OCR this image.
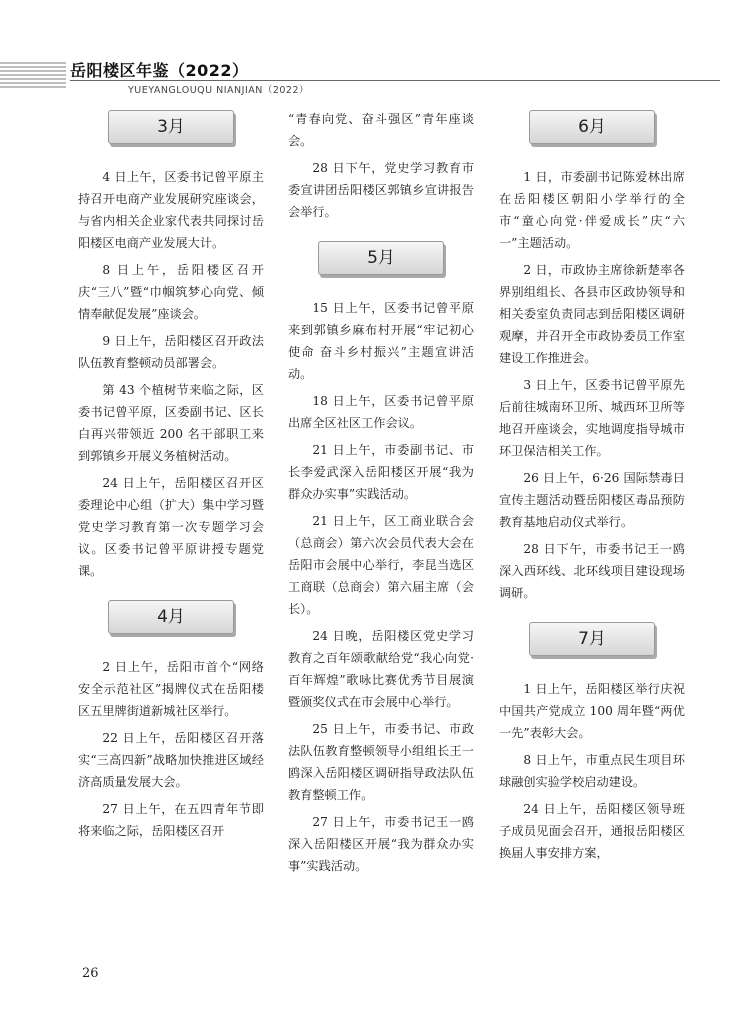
岳阳楼区年鉴（2022）
YUEYANGLOUQU NIANJIAN（2022）
3月

4 日上午，区委书记曾平原主持召开电商产业发展研究座谈会，与省内相关企业家代表共同探讨岳阳楼区电商产业发展大计。

8 日上午，岳阳楼区召开庆“三八”暨“巾帼筑梦心向党、倾情奉献促发展”座谈会。

9 日上午，岳阳楼区召开政法队伍教育整顿动员部署会。

第 43 个植树节来临之际，区委书记曾平原，区委副书记、区长白再兴带领近 200 名干部职工来到郭镇乡开展义务植树活动。

24 日上午，岳阳楼区召开区委理论中心组（扩大）集中学习暨党史学习教育第一次专题学习会议。区委书记曾平原讲授专题党课。

4月

2 日上午，岳阳市首个“网络安全示范社区”揭牌仪式在岳阳楼区五里牌街道新城社区举行。

22 日上午，岳阳楼区召开落实“三高四新”战略加快推进区域经济高质量发展大会。

27 日上午，在五四青年节即将来临之际，岳阳楼区召开

“青春向党、奋斗强区”青年座谈会。

28 日下午，党史学习教育市委宣讲团岳阳楼区郭镇乡宣讲报告会举行。

5月

15 日上午，区委书记曾平原来到郭镇乡麻布村开展“牢记初心使命 奋斗乡村振兴”主题宣讲活动。

18 日上午，区委书记曾平原出席全区社区工作会议。

21 日上午，市委副书记、市长李爱武深入岳阳楼区开展“我为群众办实事”实践活动。

21 日上午，区工商业联合会（总商会）第六次会员代表大会在岳阳市会展中心举行，李昆当选区工商联（总商会）第六届主席（会长）。

24 日晚，岳阳楼区党史学习教育之百年颂歌献给党“我心向党·百年辉煌”歌咏比赛优秀节目展演暨颁奖仪式在市会展中心举行。

25 日上午，市委书记、市政法队伍教育整顿领导小组组长王一鸥深入岳阳楼区调研指导政法队伍教育整顿工作。

27 日上午，市委书记王一鸥深入岳阳楼区开展“我为群众办实事”实践活动。

6月

1 日，市委副书记陈爱林出席在岳阳楼区朝阳小学举行的全市“童心向党·伴爱成长”庆“六一”主题活动。

2 日，市政协主席徐新楚率各界别组组长、各县市区政协领导和相关委室负责同志到岳阳楼区调研观摩，并召开全市政协委员工作室建设工作推进会。

3 日上午，区委书记曾平原先后前往城南环卫所、城西环卫所等地召开座谈会，实地调度指导城市环卫保洁相关工作。

26 日上午，6·26 国际禁毒日宣传主题活动暨岳阳楼区毒品预防教育基地启动仪式举行。

28 日下午，市委书记王一鸥深入西环线、北环线项目建设现场调研。

7月

1 日上午，岳阳楼区举行庆祝中国共产党成立 100 周年暨“两优一先”表彰大会。

8 日上午，市重点民生项目环球融创实验学校启动建设。

24 日上午，岳阳楼区领导班子成员见面会召开，通报岳阳楼区换届人事安排方案，

26
